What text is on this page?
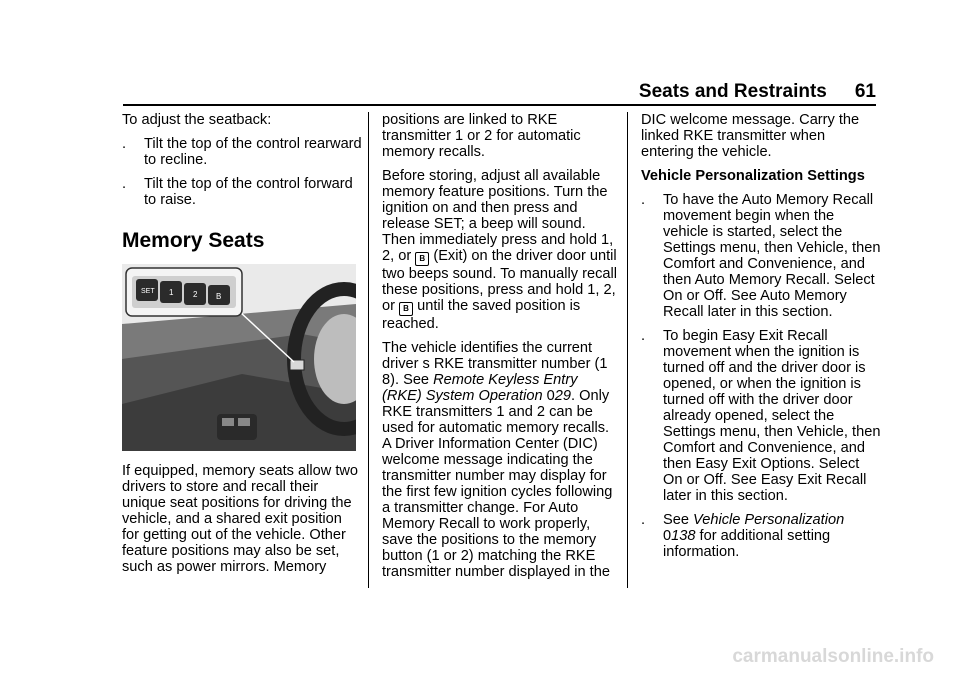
Seats and Restraints 61

To adjust the seatback:

.	Tilt the top of the control rearward to recline.
.	Tilt the top of the control forward to raise.
Memory Seats
SET 1 2 B

If equipped, memory seats allow two drivers to store and recall their unique seat positions for driving the vehicle, and a shared exit position for getting out of the vehicle. Other feature positions may also be set, such as power mirrors. Memory

positions are linked to RKE transmitter 1 or 2 for automatic memory recalls.

Before storing, adjust all available memory feature positions. Turn the ignition on and then press and release SET; a beep will sound. Then immediately press and hold 1, 2, or B (Exit) on the driver door until two beeps sound. To manually recall these positions, press and hold 1, 2, or B until the saved position is reached.

The vehicle identifies the current driver s RKE transmitter number (1 8). See Remote Keyless Entry (RKE) System Operation 029. Only RKE transmitters 1 and 2 can be used for automatic memory recalls. A Driver Information Center (DIC) welcome message indicating the transmitter number may display for the first few ignition cycles following a transmitter change. For Auto Memory Recall to work properly, save the positions to the memory button (1 or 2) matching the RKE transmitter number displayed in the

DIC welcome message. Carry the linked RKE transmitter when entering the vehicle.

Vehicle Personalization Settings
.	To have the Auto Memory Recall movement begin when the vehicle is started, select the Settings menu, then Vehicle, then Comfort and Convenience, and then Auto Memory Recall. Select On or Off. See Auto Memory Recall later in this section.
.	To begin Easy Exit Recall movement when the ignition is turned off and the driver door is opened, or when the ignition is turned off with the driver door already opened, select the Settings menu, then Vehicle, then Comfort and Convenience, and then Easy Exit Options. Select On or Off. See Easy Exit Recall later in this section.
.	See Vehicle Personalization
0138 for additional setting information.
carmanualsonline.info
